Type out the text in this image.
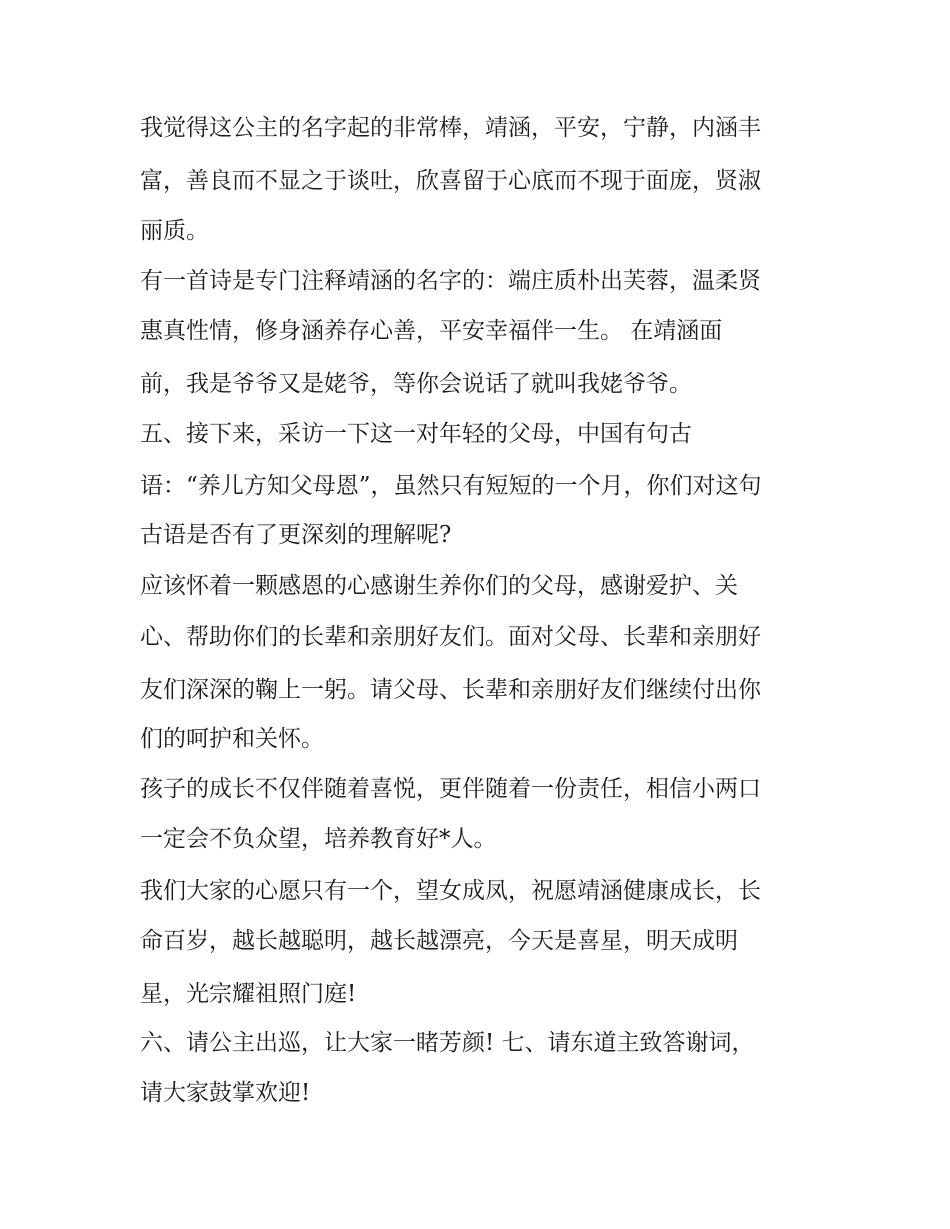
我觉得这公主的名字起的非常棒，靖涵，平安，宁静，内涵丰

富，善良而不显之于谈吐，欣喜留于心底而不现于面庞，贤淑

丽质。

有一首诗是专门注释靖涵的名字的：端庄质朴出芙蓉，温柔贤

惠真性情，修身涵养存心善，平安幸福伴一生。 在靖涵面

前，我是爷爷又是姥爷，等你会说话了就叫我姥爷爷。

五、接下来，采访一下这一对年轻的父母，中国有句古

语：“养儿方知父母恩”，虽然只有短短的一个月，你们对这句

古语是否有了更深刻的理解呢?

应该怀着一颗感恩的心感谢生养你们的父母，感谢爱护、关

心、帮助你们的长辈和亲朋好友们。面对父母、长辈和亲朋好

友们深深的鞠上一躬。请父母、长辈和亲朋好友们继续付出你

们的呵护和关怀。

孩子的成长不仅伴随着喜悦，更伴随着一份责任，相信小两口

一定会不负众望，培养教育好*人。

我们大家的心愿只有一个，望女成凤，祝愿靖涵健康成长，长

命百岁，越长越聪明，越长越漂亮，今天是喜星，明天成明

星，光宗耀祖照门庭!

六、请公主出巡，让大家一睹芳颜! 七、请东道主致答谢词，

请大家鼓掌欢迎!
